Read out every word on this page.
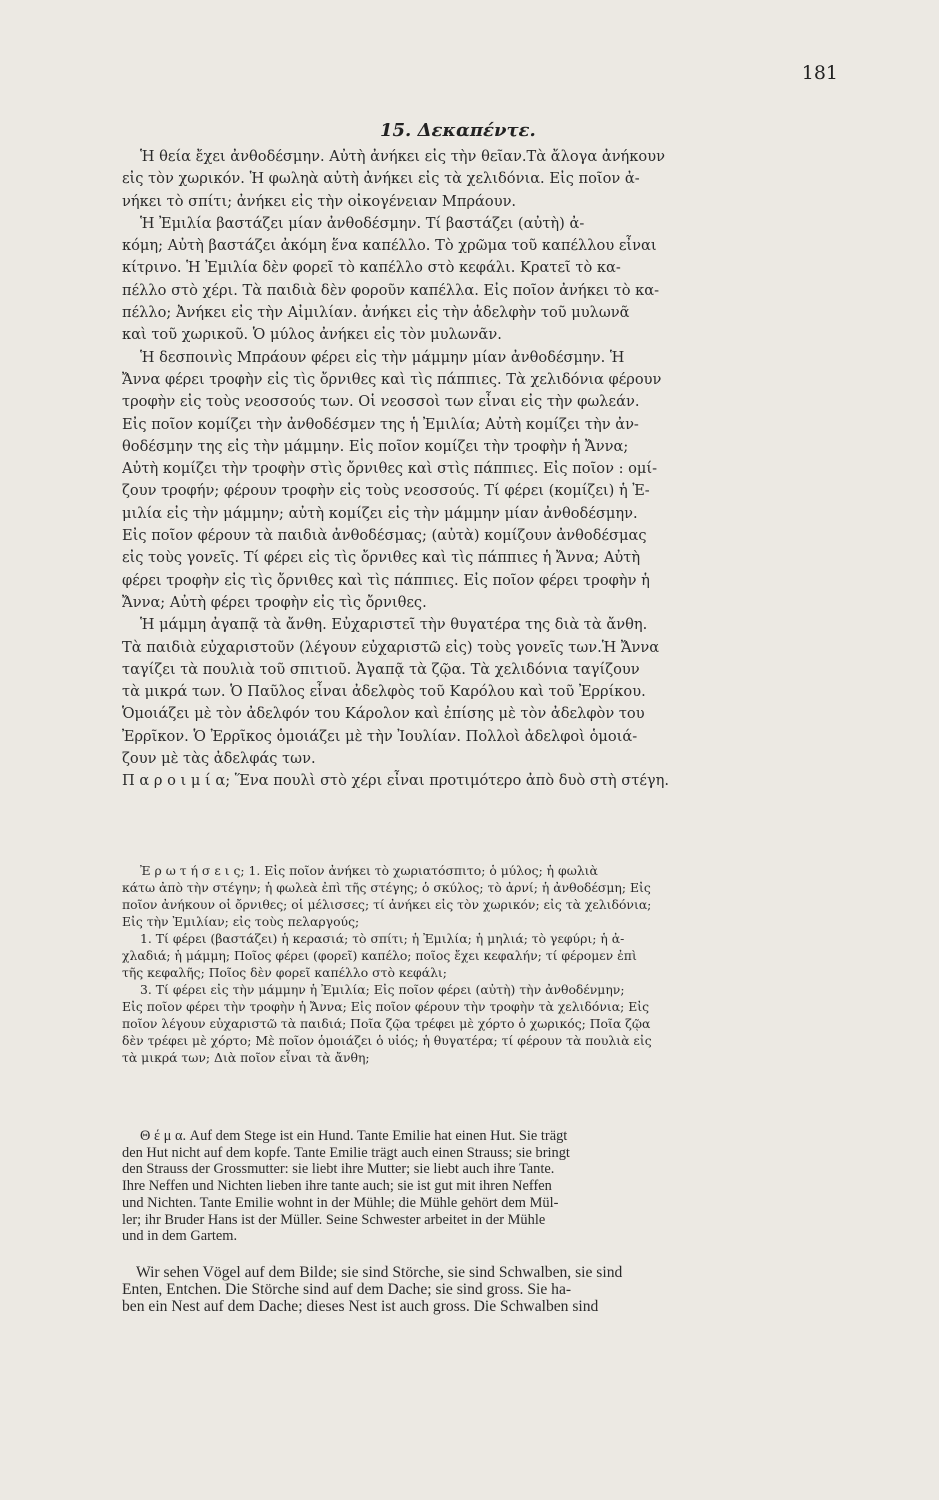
181
15. Δεκαπέντε.
Ἡ θεία ἔχει ἀνθοδέσμην. Αὐτὴ ἀνήκει εἰς τὴν θεῖαν.Τὰ ἄλογα ἀνήκουν
εἰς τὸν χωρικόν. Ἡ φωληὰ αὐτὴ ἀνήκει εἰς τὰ χελιδόνια. Εἰς ποῖον ἀ-
νήκει τὸ σπίτι; ἀνήκει εἰς τὴν οἰκογένειαν Μπράουν.
Ἡ Ἐμιλία βαστάζει μίαν ἀνθοδέσμην. Τί βαστάζει (αὐτὴ) ἀ-
κόμη; Αὐτὴ βαστάζει ἀκόμη ἕνα καπέλλο. Τὸ χρῶμα τοῦ καπέλλου εἶναι
κίτρινο. Ἡ Ἐμιλία δὲν φορεῖ τὸ καπέλλο στὸ κεφάλι. Κρατεῖ τὸ κα-
πέλλο στὸ χέρι. Τὰ παιδιὰ δὲν φοροῦν καπέλλα. Εἰς ποῖον ἀνήκει τὸ κα-
πέλλο; Ἀνήκει εἰς τὴν Αἰμιλίαν. ἀνήκει εἰς τὴν ἀδελφὴν τοῦ μυλωνᾶ
καὶ τοῦ χωρικοῦ. Ὁ μύλος ἀνήκει εἰς τὸν μυλωνᾶν.
Ἡ δεσποινὶς Μπράουν φέρει εἰς τὴν μάμμην μίαν ἀνθοδέσμην. Ἡ
Ἄννα φέρει τροφὴν εἰς τὶς ὄρνιθες καὶ τὶς πάππιες. Τὰ χελιδόνια φέρουν
τροφὴν εἰς τοὺς νεοσσούς των. Οἱ νεοσσοὶ των εἶναι εἰς τὴν φωλεάν.
Εἰς ποῖον κομίζει τὴν ἀνθοδέσμεν της ἡ Ἐμιλία; Αὐτὴ κομίζει τὴν ἀν-
θοδέσμην της εἰς τὴν μάμμην. Εἰς ποῖον κομίζει τὴν τροφὴν ἡ Ἄννα;
Αὐτὴ κομίζει τὴν τροφὴν στὶς ὄρνιθες καὶ στὶς πάππιες. Εἰς ποῖον : ομί-
ζουν τροφήν; φέρουν τροφὴν εἰς τοὺς νεοσσούς. Τί φέρει (κομίζει) ἡ Ἐ-
μιλία εἰς τὴν μάμμην; αὐτὴ κομίζει εἰς τὴν μάμμην μίαν ἀνθοδέσμην.
Εἰς ποῖον φέρουν τὰ παιδιὰ ἀνθοδέσμας; (αὐτὰ) κομίζουν ἀνθοδέσμας
εἰς τοὺς γονεῖς. Τί φέρει εἰς τὶς ὄρνιθες καὶ τὶς πάππιες ἡ Ἄννα; Αὐτὴ
φέρει τροφὴν εἰς τὶς ὄρνιθες καὶ τὶς πάππιες. Εἰς ποῖον φέρει τροφὴν ἡ
Ἄννα; Αὐτὴ φέρει τροφὴν εἰς τὶς ὄρνιθες.
Ἡ μάμμη ἀγαπᾷ τὰ ἄνθη. Εὐχαριστεῖ τὴν θυγατέρα της διὰ τὰ ἄνθη.
Τὰ παιδιὰ εὐχαριστοῦν (λέγουν εὐχαριστῶ εἰς) τοὺς γονεῖς των.Ἡ Ἄννα
ταγίζει τὰ πουλιὰ τοῦ σπιτιοῦ. Ἀγαπᾷ τὰ ζῷα. Τὰ χελιδόνια ταγίζουν
τὰ μικρά των. Ὁ Παῦλος εἶναι ἀδελφὸς τοῦ Καρόλου καὶ τοῦ Ἐρρίκου.
Ὁμοιάζει μὲ τὸν ἀδελφόν του Κάρολον καὶ ἐπίσης μὲ τὸν ἀδελφὸν του
Ἐρρῖκον. Ὁ Ἐρρῖκος ὁμοιάζει μὲ τὴν Ἰουλίαν. Πολλοὶ ἀδελφοὶ ὁμοιά-
ζουν μὲ τὰς ἀδελφάς των.
Π α ρ ο ι μ ί α; Ἕνα πουλὶ στὸ χέρι εἶναι προτιμότερο ἀπὸ δυὸ στὴ στέγη.
Ἐ ρ ω τ ή σ ε ι ς; 1. Εἰς ποῖον ἀνήκει τὸ χωριατόσπιτο; ὁ μύλος; ἡ φωλιὰ
κάτω ἀπὸ τὴν στέγην; ἡ φωλεὰ ἐπὶ τῆς στέγης; ὁ σκύλος; τὸ ἀρνί; ἡ ἀνθοδέσμη; Εἰς
ποῖον ἀνήκουν οἱ ὄρνιθες; οἱ μέλισσες; τί ἀνήκει εἰς τὸν χωρικόν; εἰς τὰ χελιδόνια;
Εἰς τὴν Ἐμιλίαν; εἰς τοὺς πελαργούς;
1. Τί φέρει (βαστάζει) ἡ κερασιά; τὸ σπίτι; ἡ Ἐμιλία; ἡ μηλιά; τὸ γεφύρι; ἡ ἀ-
χλαδιά; ἡ μάμμη; Ποῖος φέρει (φορεῖ) καπέλο; ποῖος ἔχει κεφαλήν; τί φέρομεν ἐπὶ
τῆς κεφαλῆς; Ποῖος δὲν φορεῖ καπέλλο στὸ κεφάλι;
3. Τί φέρει εἰς τὴν μάμμην ἡ Ἐμιλία; Εἰς ποῖον φέρει (αὐτὴ) τὴν ἀνθοδένμην;
Εἰς ποῖον φέρει τὴν τροφὴν ἡ Ἄννα; Εἰς ποῖον φέρουν τὴν τροφὴν τὰ χελιδόνια; Εἰς
ποῖον λέγουν εὐχαριστῶ τὰ παιδιά; Ποῖα ζῷα τρέφει μὲ χόρτο ὁ χωρικός; Ποῖα ζῷα
δὲν τρέφει μὲ χόρτο; Μὲ ποῖον ὁμοιάζει ὁ υἱός; ἡ θυγατέρα; τί φέρουν τὰ πουλιὰ εἰς
τὰ μικρά των; Διὰ ποῖον εἶναι τὰ ἄνθη;
Θ έ μ α. Auf dem Stege ist ein Hund. Tante Emilie hat einen Hut. Sie trägt
den Hut nicht auf dem kopfe. Tante Emilie trägt auch einen Strauss; sie bringt
den Strauss der Grossmutter: sie liebt ihre Mutter; sie liebt auch ihre Tante.
Ihre Neffen und Nichten lieben ihre tante auch; sie ist gut mit ihren Neffen
und Nichten. Tante Emilie wohnt in der Mühle; die Mühle gehört dem Mül-
ler; ihr Bruder Hans ist der Müller. Seine Schwester arbeitet in der Mühle
und in dem Gartem.
Wir sehen Vögel auf dem Bilde; sie sind Störche, sie sind Schwalben, sie sind
Enten, Entchen. Die Störche sind auf dem Dache; sie sind gross. Sie ha-
ben ein Nest auf dem Dache; dieses Nest ist auch gross. Die Schwalben sind
